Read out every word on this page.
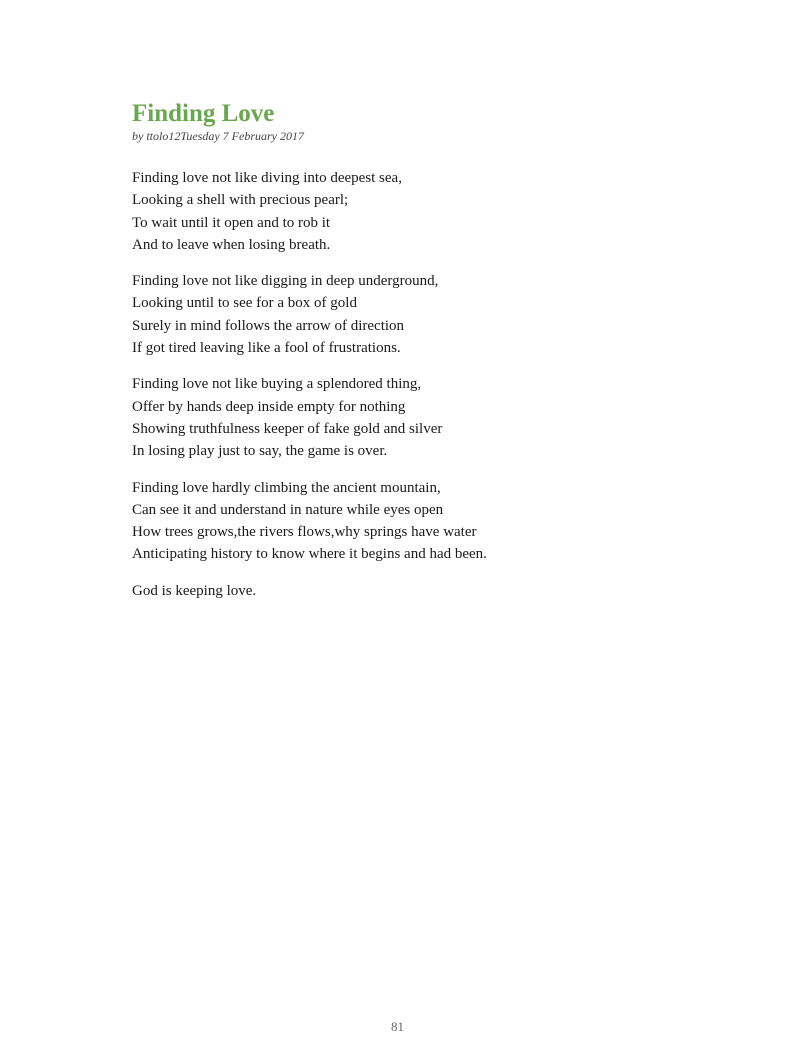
Finding Love
by ttolo12Tuesday 7 February 2017
Finding love not like diving into deepest sea,
Looking a shell with precious pearl;
To wait until it open and to rob it
And to leave when losing breath.
Finding love not like digging in deep underground,
Looking until to see for a box of gold
Surely in mind follows the arrow of direction
If got tired leaving like a fool of frustrations.
Finding love not like buying a splendored thing,
Offer by hands deep inside empty for nothing
Showing truthfulness keeper of fake gold and silver
In losing play just to say, the game is over.
Finding love hardly climbing the ancient mountain,
Can see it and understand in nature while eyes open
How trees grows,the rivers flows,why springs have water
Anticipating history to know where it begins and had been.
God is keeping love.
81
